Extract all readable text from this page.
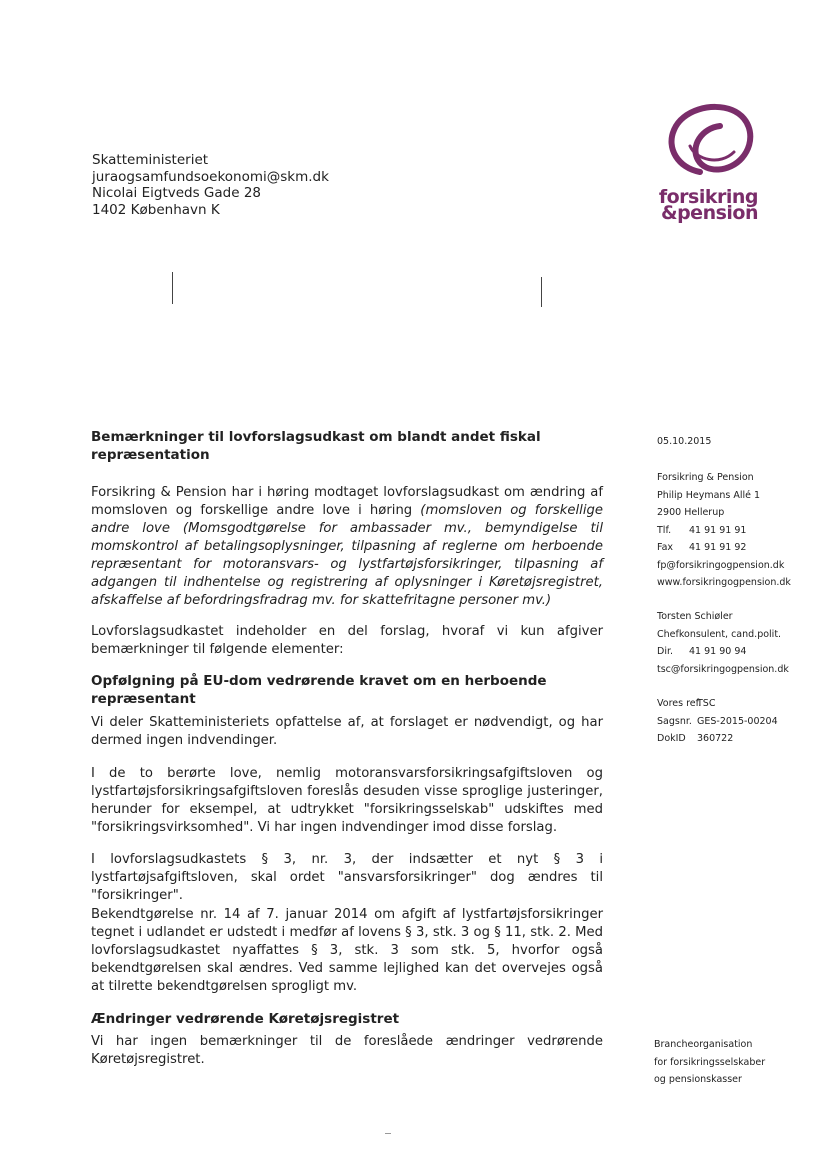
Skatteministeriet
juraogsamfundsoekonomi@skm.dk
Nicolai Eigtveds Gade 28
1402 København K
forsikring
&pension

Bemærkninger til lovforslagsudkast om blandt andet fiskal repræsentation

Forsikring & Pension har i høring modtaget lovforslagsudkast om ændring af momsloven og forskellige andre love i høring (momsloven og forskellige andre love (Momsgodtgørelse for ambassader mv., bemyndigelse til momskontrol af betalingsoplysninger, tilpasning af reglerne om herboende repræsentant for motoransvars- og lystfartøjsforsikringer, tilpasning af adgangen til indhentelse og registrering af oplysninger i Køretøjsregistret, afskaffelse af befordringsfradrag mv. for skattefritagne personer mv.)

Lovforslagsudkastet indeholder en del forslag, hvoraf vi kun afgiver bemærkninger til følgende elementer:

Opfølgning på EU-dom vedrørende kravet om en herboende repræsentant

Vi deler Skatteministeriets opfattelse af, at forslaget er nødvendigt, og har dermed ingen indvendinger.

I de to berørte love, nemlig motoransvarsforsikringsafgiftsloven og lystfartøjsforsikringsafgiftsloven foreslås desuden visse sproglige justeringer, herunder for eksempel, at udtrykket "forsikringsselskab" udskiftes med "forsikringsvirksomhed". Vi har ingen indvendinger imod disse forslag.

I lovforslagsudkastets § 3, nr. 3, der indsætter et nyt § 3 i lystfartøjsafgiftsloven, skal ordet "ansvarsforsikringer" dog ændres til "forsikringer".

Bekendtgørelse nr. 14 af 7. januar 2014 om afgift af lystfartøjsforsikringer tegnet i udlandet er udstedt i medfør af lovens § 3, stk. 3 og § 11, stk. 2. Med lovforslagsudkastet nyaffattes § 3, stk. 3 som stk. 5, hvorfor også bekendtgørelsen skal ændres. Ved samme lejlighed kan det overvejes også at tilrette bekendtgørelsen sprogligt mv.

Ændringer vedrørende Køretøjsregistret

Vi har ingen bemærkninger til de foreslåede ændringer vedrørende Køretøjsregistret.

05.10.2015
Forsikring & Pension
Philip Heymans Allé 1
2900 Hellerup
Tlf. 41 91 91 91
Fax 41 91 91 92
fp@forsikringogpension.dk
www.forsikringogpension.dk
Torsten Schiøler
Chefkonsulent, cand.polit.
Dir. 41 91 90 94
tsc@forsikringogpension.dk
Vores ref.TSC
Sagsnr. GES-2015-00204
DokID 360722
Brancheorganisation
for forsikringsselskaber
og pensionskasser
